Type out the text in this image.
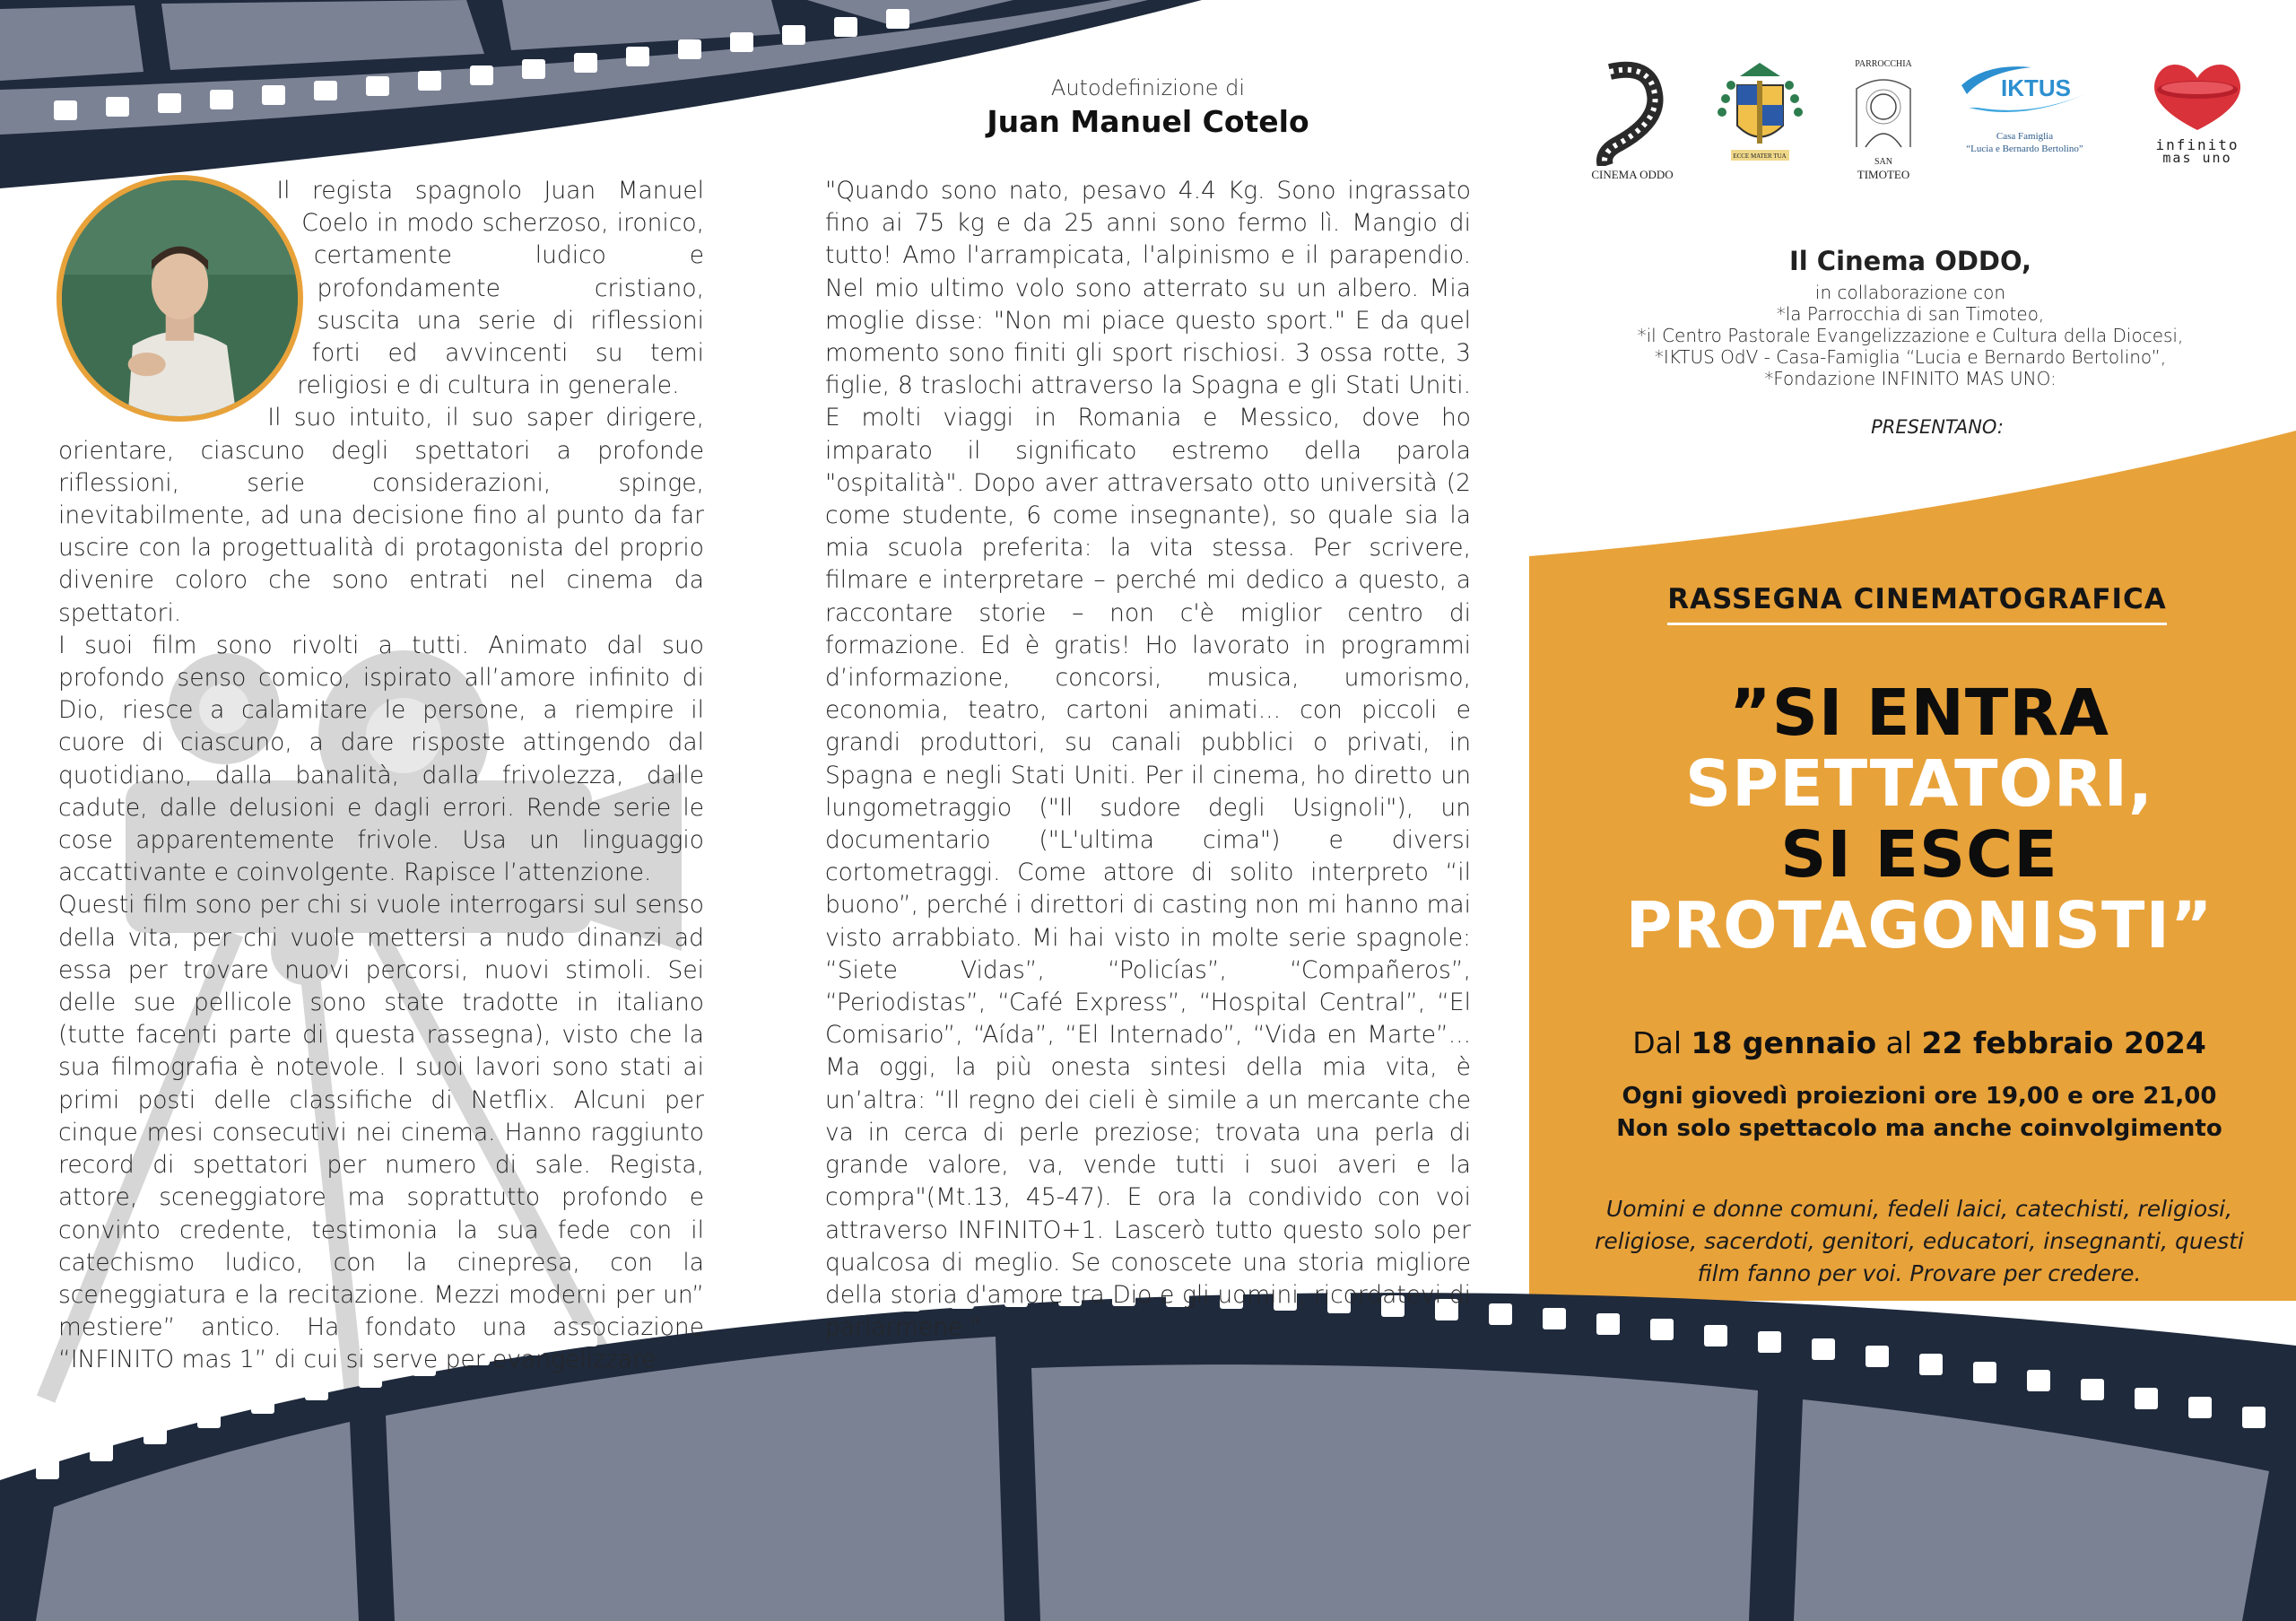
Il regista spagnolo Juan Manuel Coelo in modo scherzoso, ironico, certamente ludico e profondamente cristiano, suscita una serie di riflessioni forti ed avvincenti su temi religiosi e di cultura in generale.

Il suo intuito, il suo saper dirigere, orientare, ciascuno degli spettatori a profonde riflessioni, serie considerazioni, spinge, inevitabilmente, ad una decisione fino al punto da far uscire con la progettualità di protagonista del proprio divenire coloro che sono entrati nel cinema da spettatori.

I suoi film sono rivolti a tutti. Animato dal suo profondo senso comico, ispirato all’amore infinito di Dio, riesce a calamitare le persone, a riempire il cuore di ciascuno, a dare risposte attingendo dal quotidiano, dalla banalità, dalla frivolezza, dalle cadute, dalle delusioni e dagli errori. Rende serie le cose apparentemente frivole. Usa un linguaggio accattivante e coinvolgente. Rapisce l’attenzione.

Questi film sono per chi si vuole interrogarsi sul senso della vita, per chi vuole mettersi a nudo dinanzi ad essa per trovare nuovi percorsi, nuovi stimoli. Sei delle sue pellicole sono state tradotte in italiano (tutte facenti parte di questa rassegna), visto che la sua filmografia è notevole. I suoi lavori sono stati ai primi posti delle classifiche di Netflix. Alcuni per cinque mesi consecutivi nei cinema. Hanno raggiunto record di spettatori per numero di sale. Regista, attore, sceneggiatore ma soprattutto profondo e convinto credente, testimonia la sua fede con il catechismo ludico, con la cinepresa, con la sceneggiatura e la recitazione. Mezzi moderni per un” mestiere” antico. Ha fondato una associazione “INFINITO mas 1” di cui si serve per evangelizzare.

Autodefinizione di
Juan Manuel Cotelo

"Quando sono nato, pesavo 4.4 Kg. Sono ingrassato fino ai 75 kg e da 25 anni sono fermo lì. Mangio di tutto! Amo l'arrampicata, l'alpinismo e il parapendio. Nel mio ultimo volo sono atterrato su un albero. Mia moglie disse: "Non mi piace questo sport." E da quel momento sono finiti gli sport rischiosi. 3 ossa rotte, 3 figlie, 8 traslochi attraverso la Spagna e gli Stati Uniti. E molti viaggi in Romania e Messico, dove ho imparato il significato estremo della parola "ospitalità". Dopo aver attraversato otto università (2 come studente, 6 come insegnante), so quale sia la mia scuola preferita: la vita stessa. Per scrivere, filmare e interpretare – perché mi dedico a questo, a raccontare storie – non c'è miglior centro di formazione. Ed è gratis! Ho lavorato in programmi d’informazione, concorsi, musica, umorismo, economia, teatro, cartoni animati... con piccoli e grandi produttori, su canali pubblici o privati, in Spagna e negli Stati Uniti. Per il cinema, ho diretto un lungometraggio ("Il sudore degli Usignoli"), un documentario ("L'ultima cima") e diversi cortometraggi. Come attore di solito interpreto “il buono”, perché i direttori di casting non mi hanno mai visto arrabbiato. Mi hai visto in molte serie spagnole: “Siete Vidas”, “Policías”, “Compañeros”, “Periodistas”, “Café Express”, “Hospital Central”, “El Comisario”, “Aída”, “El Internado”, “Vida en Marte”... Ma oggi, la più onesta sintesi della mia vita, è un’altra: “Il regno dei cieli è simile a un mercante che va in cerca di perle preziose; trovata una perla di grande valore, va, vende tutti i suoi averi e la compra"(Mt.13, 45-47). E ora la condivido con voi attraverso INFINITO+1. Lascerò tutto questo solo per qualcosa di meglio. Se conoscete una storia migliore della storia d'amore tra Dio e gli uomini, ricordatevi di parlarmene."

CINEMA ODDO
ECCE MATER TUA
PARROCCHIA
SAN
TIMOTEO
IKTUS
Casa Famiglia
“Lucia e Bernardo Bertolino”	infinito
mas uno
Il Cinema ODDO,
in collaborazione con
*la Parrocchia di san Timoteo,
*il Centro Pastorale Evangelizzazione e Cultura della Diocesi,
*IKTUS OdV - Casa-Famiglia “Lucia e Bernardo Bertolino”,
*Fondazione INFINITO MAS UNO:
PRESENTANO:
RASSEGNA CINEMATOGRAFICA
”SI ENTRA
SPETTATORI,
SI ESCE
PROTAGONISTI”
Dal 18 gennaio al 22 febbraio 2024
Ogni giovedì proiezioni ore 19,00 e ore 21,00
Non solo spettacolo ma anche coinvolgimento
Uomini e donne comuni, fedeli laici, catechisti, religiosi, religiose, sacerdoti, genitori, educatori, insegnanti, questi film fanno per voi. Provare per credere.
